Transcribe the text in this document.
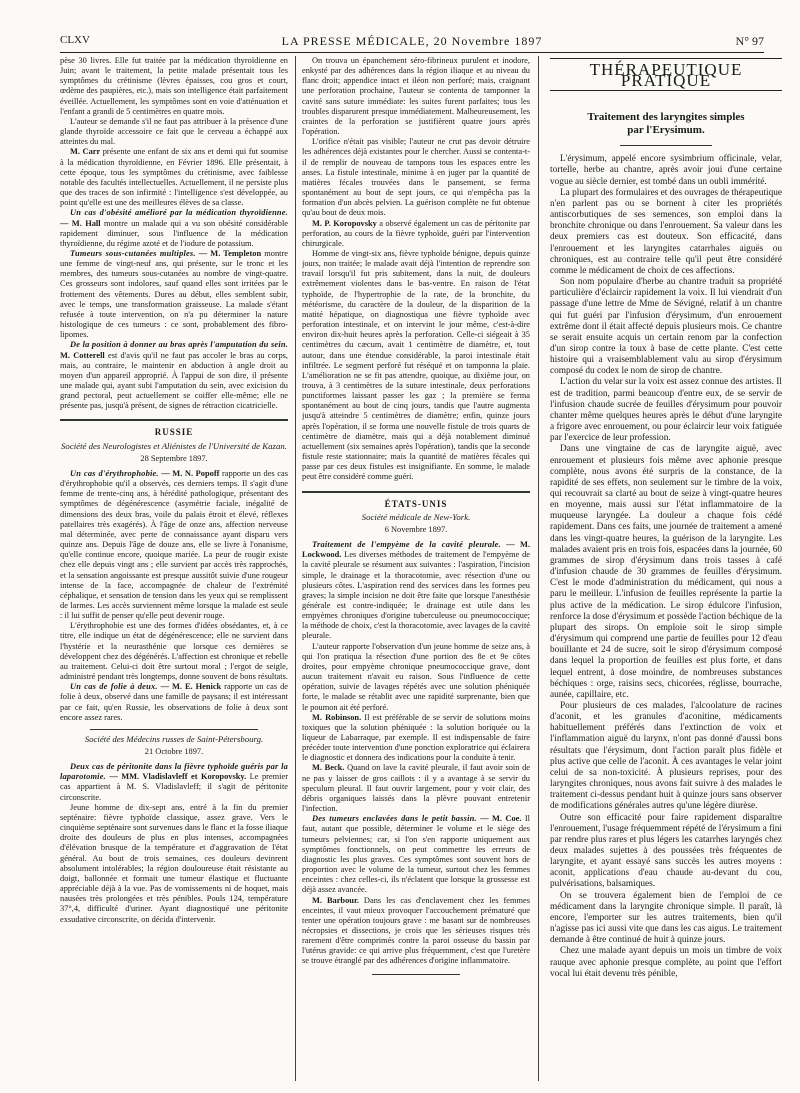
CLXV	LA PRESSE MÉDICALE, 20 Novembre 1897	N° 97

pèse 30 livres. Elle fut traitée par la médication thyroïdienne en Juin; avant le traitement, la petite malade présentait tous les symptômes du crétinisme (lèvres épaisses, cou gros et court, œdème des paupières, etc.), mais son intelligence était parfaitement éveillée. Actuellement, les symptômes sont en voie d'atténuation et l'enfant a grandi de 5 centimètres en quatre mois.

L'auteur se demande s'il ne faut pas attribuer à la présence d'une glande thyroïde accessoire ce fait que le cerveau a échappé aux atteintes du mal.

M. Carr présente une enfant de six ans et demi qui fut soumise à la médication thyroïdienne, en Février 1896. Elle présentait, à cette époque, tous les symptômes du crétinisme, avec faiblesse notable des facultés intellectuelles. Actuellement, il ne persiste plus que des traces de son infirmité : l'intelligence s'est développée, au point qu'elle est une des meilleures élèves de sa classe.

Un cas d'obésité amélioré par la médication thyroïdienne. — M. Hall montre un malade qui a vu son obésité considérable rapidement diminuer, sous l'influence de la médication thyroïdienne, du régime azoté et de l'iodure de potassium.

Tumeurs sous-cutanées multiples. — M. Templeton montre une femme de vingt-neuf ans, qui présente, sur le tronc et les membres, des tumeurs sous-cutanées au nombre de vingt-quatre. Ces grosseurs sont indolores, sauf quand elles sont irritées par le frottement des vêtements. Dures au début, elles semblent subir, avec le temps, une transformation graisseuse. La malade s'étant refusée à toute intervention, on n'a pu déterminer la nature histologique de ces tumeurs : ce sont, probablement des fibro-lipomes.

De la position à donner au bras après l'amputation du sein. M. Cotterell est d'avis qu'il ne faut pas accoler le bras au corps, mais, au contraire, le maintenir en abduction à angle droit au moyen d'un appareil approprié. À l'appui de son dire, il présente une malade qui, ayant subi l'amputation du sein, avec exicision du grand pectoral, peut actuellement se coiffer elle-même; elle ne présente pas, jusqu'à présent, de signes de rétraction cicatricielle.

RUSSIE

Société des Neurologistes et Aliénistes de l'Université de Kazan.

28 Septembre 1897.

Un cas d'érythrophobie. — M. N. Popoff rapporte un des cas d'érythrophobie qu'il a observés, ces derniers temps. Il s'agit d'une femme de trente-cinq ans, à hérédité pathologique, présentant des symptômes de dégénérescence (asymétrie faciale, inégalité de dimensions des deux bras, voile du palais étroit et élevé, réflexes patellaires très exagérés). À l'âge de onze ans, affection nerveuse mal déterminée, avec perte de connaissance ayant disparu vers quinze ans. Depuis l'âge de douze ans, elle se livre à l'onanisme, qu'elle continue encore, quoique mariée. La peur de rougir existe chez elle depuis vingt ans ; elle survient par accès très rapprochés, et la sensation angoissante est presque aussitôt suivie d'une rougeur intense de la face, accompagnée de chaleur de l'extrémité céphalique, et sensation de tension dans les yeux qui se remplissent de larmes. Les accès surviennent même lorsque la malade est seule : il lui suffit de penser qu'elle peut devenir rouge.

L'érythrophobie est une des formes d'idées obsédantes, et, à ce titre, elle indique un état de dégénérescence; elle ne survient dans l'hystérie et la neurasthénie que lorsque ces dernières se développent chez des dégénérés. L'affection est chronique et rebelle au traitement. Celui-ci doit être surtout moral ; l'ergot de seigle, administré pendant très longtemps, donne souvent de bons résultats.

Un cas de folie à deux. — M. E. Henick rapporte un cas de folie à deux, observé dans une famille de paysans; il est intéressant par ce fait, qu'en Russie, les observations de folie à deux sont encore assez rares.

Société des Médecins russes de Saint-Pétersbourg.

21 Octobre 1897.

Deux cas de péritonite dans la fièvre typhoïde guéris par la laparotomie. — MM. Vladislavleff et Koropovsky. Le premier cas appartient à M. S. Vladislavleff; il s'agit de péritonite circonscrite.

Jeune homme de dix-sept ans, entré à la fin du premier septénaire: fièvre typhoïde classique, assez grave. Vers le cinquième septénaire sont survenues dans le flanc et la fosse iliaque droite des douleurs de plus en plus intenses, accompagnées d'élévation brusque de la température et d'aggravation de l'état général. Au bout de trois semaines, ces douleurs devinrent absolument intolérables; la région douloureuse était résistante au doigt, ballonnée et formait une tumeur élastique et fluctuante appréciable déjà à la vue. Pas de vomissements ni de hoquet, mais nausées très prolongées et très pénibles. Pouls 124, température 37°,4, difficulté d'uriner. Ayant diagnostiqué une péritonite exsudative circonscrite, on décida d'intervenir.

On trouva un épanchement séro-fibrineux purulent et inodore, enkysté par des adhérences dans la région iliaque et au niveau du flanc droit; appendice intact et iléon non perforé; mais, craignant une perforation prochaine, l'auteur se contenta de tamponner la cavité sans suture immédiate: les suites furent parfaites; tous les troubles disparurent presque immédiatement. Malheureusement, les craintes de la perforation se justifièrent quatre jours après l'opération.

L'orifice n'était pas visible; l'auteur ne crut pas devoir détruire les adhérences déjà existantes pour le chercher. Aussi se contenta-t-il de remplir de nouveau de tampons tous les espaces entre les anses. La fistule intestinale, minime à en juger par la quantité de matières fécales trouvées dans le pansement, se ferma spontanément au bout de sept jours, ce qui n'empêcha pas la formation d'un abcès pelvien. La guérison complète ne fut obtenue qu'au bout de deux mois.

M. P. Koropovsky a observé également un cas de péritonite par perforation, au cours de la fièvre typhoïde, guéri par l'intervention chirurgicale.

Homme de vingt-six ans, fièvre typhoïde bénigne, depuis quinze jours, non traitée; le malade avait déjà l'intention de reprendre son travail lorsqu'il fut pris subitement, dans la nuit, de douleurs extrêmement violentes dans le bas-ventre. En raison de l'état typhoïde, de l'hypertrophie de la rate, de la bronchite, du météorisme, du caractère de la douleur, de la disparition de la matité hépatique, on diagnostiqua une fièvre typhoïde avec perforation intestinale, et on intervint le jour même, c'est-à-dire environ dix-huit heures après la perforation. Celle-ci siégeait à 35 centimètres du cæcum, avait 1 centimètre de diamètre, et, tout autour, dans une étendue considérable, la paroi intestinale était infiltrée. Le segment perforé fut réséqué et on tamponna la plaie. L'amélioration ne se fit pas attendre, quoique, au dixième jour, on trouva, à 3 centimètres de la suture intestinale, deux perforations punctiformes laissant passer les gaz ; la première se ferma spontanément au bout de cinq jours, tandis que l'autre augmenta jusqu'à atteindre 5 centimètres de diamètre; enfin, quinze jours après l'opération, il se forma une nouvelle fistule de trois quarts de centimètre de diamètre, mais qui a déjà notablement diminué actuellement (six semaines après l'opération), tandis que la seconde fistule reste stationnaire; mais la quantité de matières fécales qui passe par ces deux fistules est insignifiante. En somme, le malade peut être considéré comme guéri.

ÉTATS-UNIS

Société médicale de New-York.

6 Novembre 1897.

Traitement de l'empyème de la cavité pleurale. — M. Lockwood. Les diverses méthodes de traitement de l'empyème de la cavité pleurale se résument aux suivantes : l'aspiration, l'incision simple, le drainage et la thoracotomie, avec résection d'une ou plusieurs côtes. L'aspiration rend des services dans les formes peu graves; la simple incision ne doit être faite que lorsque l'anesthésie générale est contre-indiquée; le drainage est utile dans les empyèmes chroniques d'origine tuberculeuse ou pneumococcique; la méthode de choix, c'est la thoracotomie, avec lavages de la cavité pleurale.

L'auteur rapporte l'observation d'un jeune homme de seize ans, à qui l'on pratiqua la résection d'une portion des 8e et 9e côtes droites, pour empyème chronique pneumococcique grave, dont aucun traitement n'avait eu raison. Sous l'influence de cette opération, suivie de lavages répétés avec une solution phéniquée forte, le malade se rétablit avec une rapidité surprenante, bien que le poumon ait été perforé.

M. Robinson. Il est préférable de se servir de solutions moins toxiques que la solution phéniquée : la solution boriquée ou la liqueur de Labarraque, par exemple. Il est indispensable de faire précéder toute intervention d'une ponction exploratrice qui éclairera le diagnostic et donnera des indications pour la conduite à tenir.

M. Beck. Quand on lave la cavité pleurale, il faut avoir soin de ne pas y laisser de gros caillots : il y a avantage à se servir du speculum pleural. Il faut ouvrir largement, pour y voir clair, des débris organiques laissés dans la plèvre pouvant entretenir l'infection.

Des tumeurs enclavées dans le petit bassin. — M. Coe. Il faut, autant que possible, déterminer le volume et le siège des tumeurs pelviennes; car, si l'on s'en rapporte uniquement aux symptômes fonctionnels, on peut commettre les erreurs de diagnostic les plus graves. Ces symptômes sont souvent hors de proportion avec le volume de la tumeur, surtout chez les femmes enceintes : chez celles-ci, ils n'éclatent que lorsque la grossesse est déjà assez avancée.

M. Barbour. Dans les cas d'enclavement chez les femmes enceintes, il vaut mieux provoquer l'accouchement prématuré que tenter une opération toujours grave : me basant sur de nombreuses nécropsies et dissections, je crois que les sérieuses risques très rarement d'être comprimés contre la paroi osseuse du bassin par l'utérus gravide: ce qui arrive plus fréquemment, c'est que l'uretère se trouve étranglé par des adhérences d'origine inflammatoire.

THÉRAPEUTIQUE PRATIQUE
Traitement des laryngites simples
par l'Erysimum.

L'érysimum, appelé encore sysimbrium officinale, velar, tortelle, herbe au chantre, après avoir joui d'une certaine vogue au siècle dernier, est tombé dans un oubli immérité.

La plupart des formulaires et des ouvrages de thérapeutique n'en parlent pas ou se bornent à citer les propriétés antiscorbutiques de ses semences, son emploi dans la bronchite chronique ou dans l'enrouement. Sa valeur dans les deux premiers cas est douteux. Son efficacité, dans l'enrouement et les laryngites catarrhales aiguës ou chroniques, est au contraire telle qu'il peut être considéré comme le médicament de choix de ces affections.

Son nom populaire d'herbe au chantre traduit sa propriété particulière d'éclaircir rapidement la voix. Il lui viendrait d'un passage d'une lettre de Mme de Sévigné, relatif à un chantre qui fut guéri par l'infusion d'érysimum, d'un enrouement extrême dont il était affecté depuis plusieurs mois. Ce chantre se serait ensuite acquis un certain renom par la confection d'un sirop contre la toux à base de cette plante. C'est cette histoire qui a vraisemblablement valu au sirop d'érysimum composé du codex le nom de sirop de chantre.

L'action du velar sur la voix est assez connue des artistes. Il est de tradition, parmi beaucoup d'entre eux, de se servir de l'infusion chaude sucrée de feuilles d'érysimum pour pouvoir chanter même quelques heures après le début d'une laryngite a frigore avec enrouement, ou pour éclaircir leur voix fatiguée par l'exercice de leur profession.

Dans une vingtaine de cas de laryngite aiguë, avec enrouement et plusieurs fois même avec aphonie presque complète, nous avons été surpris de la constance, de la rapidité de ses effets, non seulement sur le timbre de la voix, qui recouvrait sa clarté au bout de seize à vingt-quatre heures en moyenne, mais aussi sur l'état inflammatoire de la muqueuse laryngée. La douleur a chaque fois cédé rapidement. Dans ces faits, une journée de traitement a amené dans les vingt-quatre heures, la guérison de la laryngite. Les malades avaient pris en trois fois, espacées dans la journée, 60 grammes de sirop d'érysimum dans trois tasses à café d'infusion chaude de 30 grammes de feuilles d'érysimum. C'est le mode d'administration du médicament, qui nous a paru le meilleur. L'infusion de feuilles représente la partie la plus active de la médication. Le sirop édulcore l'infusion, renforce la dose d'érysimum et possède l'action béchique de la plupart des sirops. On emploie soit le sirop simple d'érysimum qui comprend une partie de feuilles pour 12 d'eau bouillante et 24 de sucre, soit le sirop d'érysimum composé dans lequel la proportion de feuilles est plus forte, et dans lequel entrent, à dose moindre, de nombreuses substances béchiques : orge, raisins secs, chicorées, réglisse, bourrache, aunée, capillaire, etc.

Pour plusieurs de ces malades, l'alcoolature de racines d'aconit, et les granules d'aconitine, médicaments habituellement préférés dans l'extinction de voix et l'inflammation aiguë du larynx, n'ont pas donné d'aussi bons résultats que l'érysimum, dont l'action paraît plus fidèle et plus active que celle de l'aconit. À ces avantages le velar joint celui de sa non-toxicité. À plusieurs reprises, pour des laryngites chroniques, nous avons fait suivre à des malades le traitement ci-dessus pendant huit à quinze jours sans observer de modifications générales autres qu'une légère diurèse.

Outre son efficacité pour faire rapidement disparaître l'enrouement, l'usage fréquemment répété de l'érysimum a fini par rendre plus rares et plus légers les catarrhes laryngés chez deux malades sujettes à des poussées très fréquentes de laryngite, et ayant essayé sans succès les autres moyens : aconit, applications d'eau chaude au-devant du cou, pulvérisations, balsamiques.

On se trouvera également bien de l'emploi de ce médicament dans la laryngite chronique simple. Il paraît, là encore, l'emporter sur les autres traitements, bien qu'il n'agisse pas ici aussi vite que dans les cas aigus. Le traitement demande à être continué de huit à quinze jours.

Chez une malade ayant depuis un mois un timbre de voix rauque avec aphonie presque complète, au point que l'effort vocal lui était devenu très pénible,
